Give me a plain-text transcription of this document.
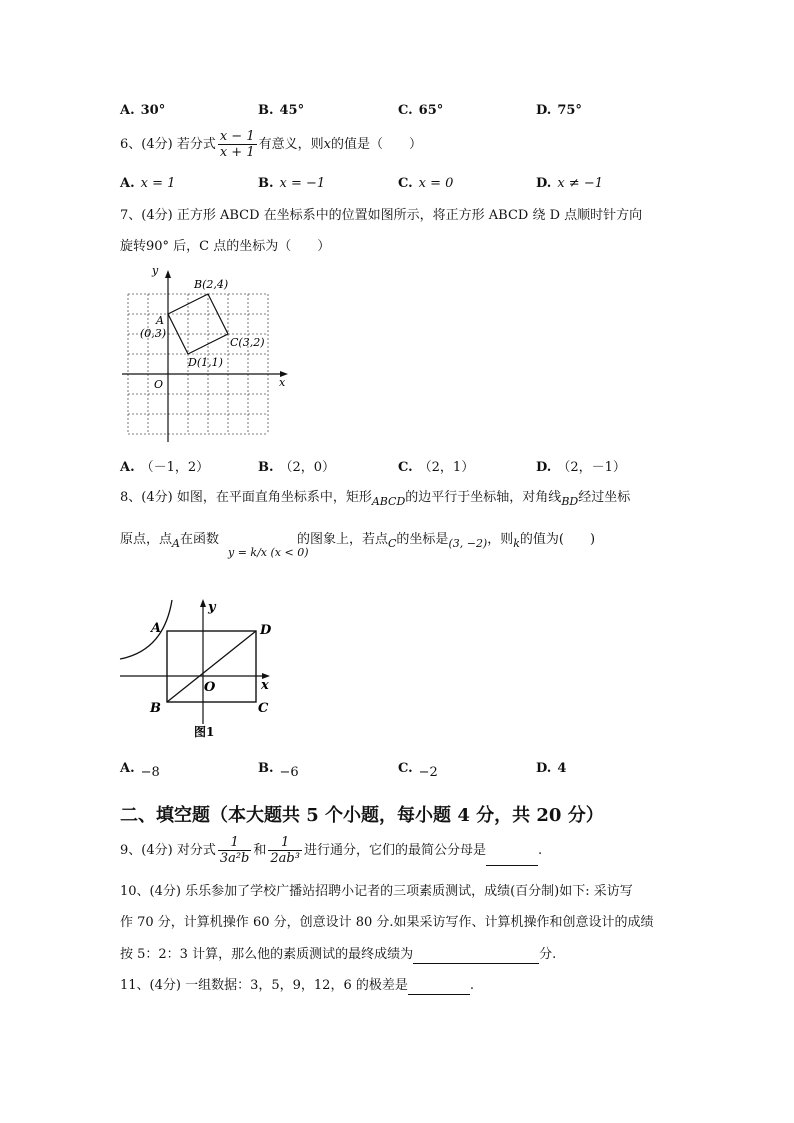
A. 30°	B. 45°	C. 65°	D. 75°
6、(4分) 若分式 $\frac{x - 1}{x + 1}$ 有意义，则x的值是（　　）
A. x = 1	B. x = −1	C. x = 0	D. x ≠ −1
7、(4分) 正方形 ABCD 在坐标系中的位置如图所示，将正方形 ABCD 绕 D 点顺时针方向
旋转90° 后，C 点的坐标为（　　）
y
x
O
A
(0,3)
B(2,4)
C(3,2)
D(1,1)
A. （－1，2）	B. （2，0）	C. （2，1）	D. （2，－1）
8、(4分) 如图，在平面直角坐标系中，矩形$_{ABCD}$的边平行于坐标轴，对角线$_{BD}$经过坐标
原点，点$_A$在函数	的图象上，若点$_C$的坐标是$_{(3, -2)}$，则$_k$的值为(　　)
y = k/x (x < 0)
A	D
B	C
O	x
y
图1
A. −8	B. −6	C. −2	D. 4
二、填空题（本大题共 5 个小题，每小题 4 分，共 20 分）
9、(4分) 对分式 $\frac{1}{\text{3a²b}}$ 和 $\frac{1}{\text{2ab³}}$ 进行通分，它们的最简公分母是	.
10、(4分) 乐乐参加了学校广播站招聘小记者的三项素质测试，成绩(百分制)如下: 采访写
作 70 分，计算机操作 60 分，创意设计 80 分.如果采访写作、计算机操作和创意设计的成绩
按 5：2：3 计算，那么他的素质测试的最终成绩为	分.
11、(4分) 一组数据：3，5，9，12，6 的极差是	.
